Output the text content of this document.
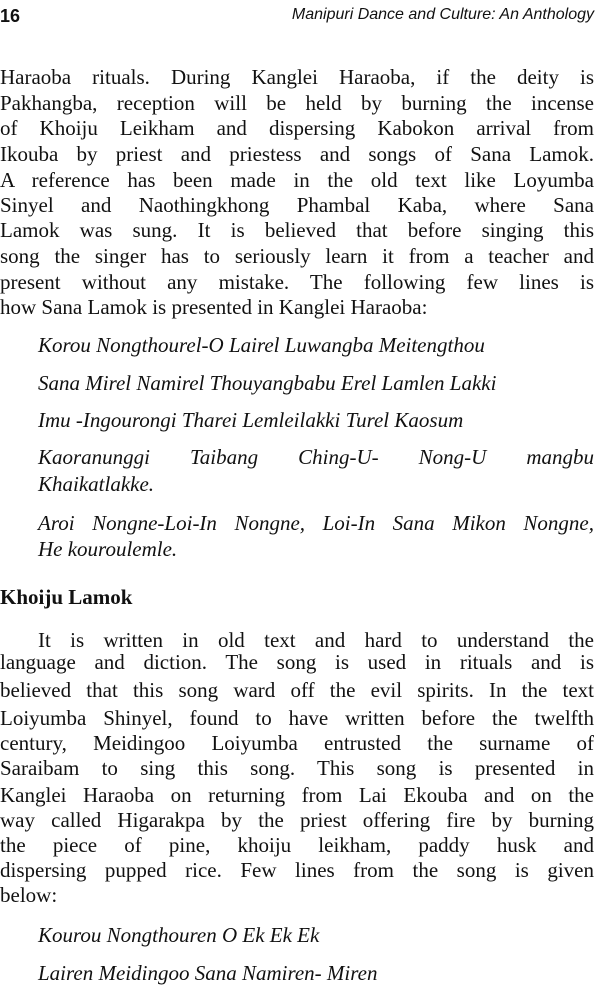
16	Manipuri Dance and Culture: An Anthology
Haraoba rituals. During Kanglei Haraoba, if the deity is
Pakhangba, reception will be held by burning the incense
of Khoiju Leikham and dispersing Kabokon arrival from
Ikouba by priest and priestess and songs of Sana Lamok.
A reference has been made in the old text like Loyumba
Sinyel and Naothingkhong Phambal Kaba, where Sana
Lamok was sung. It is believed that before singing this
song the singer has to seriously learn it from a teacher and
present without any mistake. The following few lines is
how Sana Lamok is presented in Kanglei Haraoba:
Korou Nongthourel-O Lairel Luwangba Meitengthou
Sana Mirel Namirel Thouyangbabu Erel Lamlen Lakki
Imu -Ingourongi Tharei Lemleilakki Turel Kaosum
Kaoranunggi Taibang Ching-U- Nong-U mangbu
Khaikatlakke.
Aroi Nongne-Loi-In Nongne, Loi-In Sana Mikon Nongne,
He kouroulemle.
Khoiju Lamok
It is written in old text and hard to understand the
language and diction. The song is used in rituals and is
believed that this song ward off the evil spirits. In the text
Loiyumba Shinyel, found to have written before the twelfth
century, Meidingoo Loiyumba entrusted the surname of
Saraibam to sing this song. This song is presented in
Kanglei Haraoba on returning from Lai Ekouba and on the
way called Higarakpa by the priest offering fire by burning
the piece of pine, khoiju leikham, paddy husk and
dispersing pupped rice. Few lines from the song is given
below:
Kourou Nongthouren O Ek Ek Ek
Lairen Meidingoo Sana Namiren- Miren
